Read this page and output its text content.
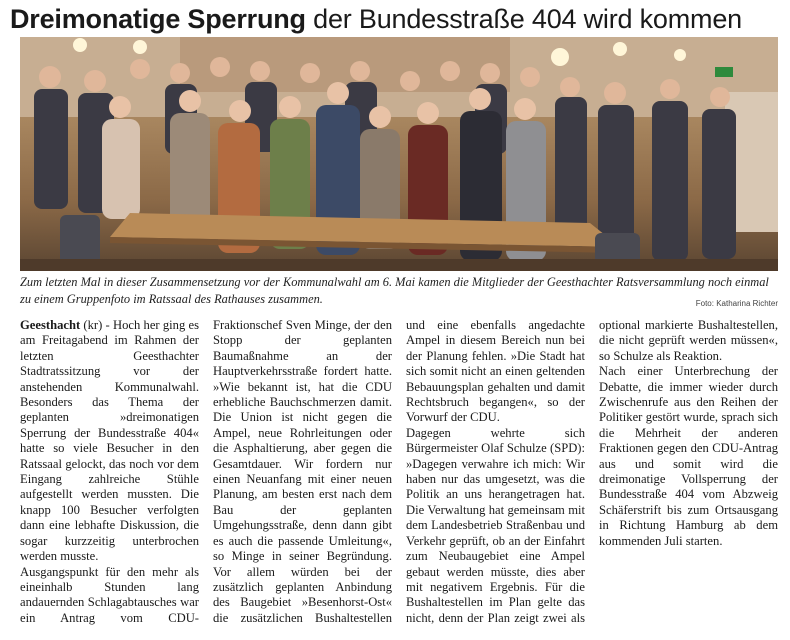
Dreimonatige Sperrung der Bundesstraße 404 wird kommen
Zum letzten Mal in dieser Zusammensetzung vor der Kommunalwahl am 6. Mai kamen die Mitglieder der Geesthachter Ratsversammlung noch einmal zu einem Gruppenfoto im Ratssaal des Rathauses zusammen.	Foto: Katharina Richter

Geesthacht (kr) - Hoch her ging es am Freitagabend im Rahmen der letzten Geesthachter Stadtratssitzung vor der anstehenden Kommunalwahl. Besonders das Thema der geplanten »dreimonatigen Sperrung der Bundesstraße 404« hatte so viele Besucher in den Ratssaal gelockt, das noch vor dem Eingang zahlreiche Stühle aufgestellt werden mussten. Die knapp 100 Besucher verfolgten dann eine lebhafte Diskussion, die sogar kurzzeitig unterbrochen werden musste.

Ausgangspunkt für den mehr als eineinhalb Stunden lang andauernden Schlagabtausches war ein Antrag vom CDU-Fraktionschef Sven Minge, der den Stopp der geplanten Baumaßnahme an der Hauptverkehrsstraße fordert hatte. »Wie bekannt ist, hat die CDU erhebliche Bauchschmerzen damit. Die Union ist nicht gegen die Ampel, neue Rohrleitungen oder die Asphaltierung, aber gegen die Gesamtdauer. Wir fordern nur einen Neuanfang mit einer neuen Planung, am besten erst nach dem Bau der geplanten Umgehungsstraße, denn dann gibt es auch die passende Umleitung«, so Minge in seiner Begründung. Vor allem würden bei der zusätzlich geplanten Anbindung des Baugebiet »Besenhorst-Ost« die zusätzlichen Bushaltestellen und eine ebenfalls angedachte Ampel in diesem Bereich nun bei der Planung fehlen. »Die Stadt hat sich somit nicht an einen geltenden Bebauungsplan gehalten und damit Rechtsbruch begangen«, so der Vorwurf der CDU.

Dagegen wehrte sich Bürgermeister Olaf Schulze (SPD): »Dagegen verwahre ich mich: Wir haben nur das umgesetzt, was die Politik an uns herangetragen hat. Die Verwaltung hat gemeinsam mit dem Landesbetrieb Straßenbau und Verkehr geprüft, ob an der Einfahrt zum Neubaugebiet eine Ampel gebaut werden müsste, dies aber mit negativem Ergebnis. Für die Bushaltestellen im Plan gelte das nicht, denn der Plan zeigt zwei als optional markierte Bushaltestellen, die nicht geprüft werden müssen«, so Schulze als Reaktion.

Nach einer Unterbrechung der Debatte, die immer wieder durch Zwischenrufe aus den Reihen der Politiker gestört wurde, sprach sich die Mehrheit der anderen Fraktionen gegen den CDU-Antrag aus und somit wird die dreimonatige Vollsperrung der Bundesstraße 404 vom Abzweig Schäferstrift bis zum Ortsausgang in Richtung Hamburg ab dem kommenden Juli starten.
